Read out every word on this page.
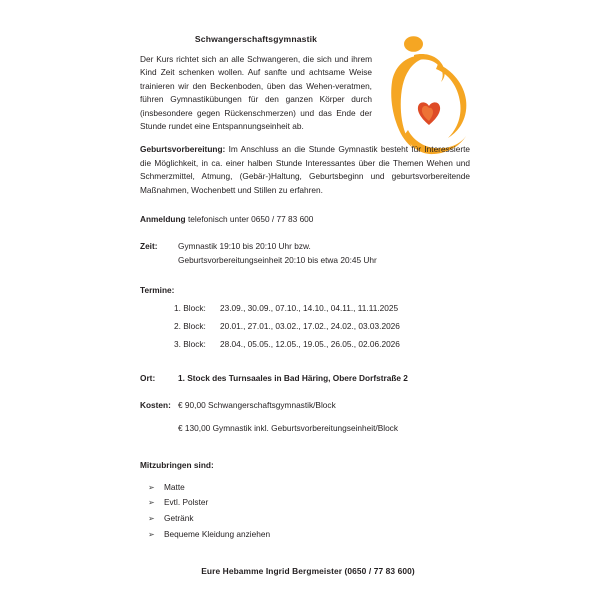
Schwangerschaftsgymnastik

Der Kurs richtet sich an alle Schwangeren, die sich und ihrem Kind Zeit schenken wollen. Auf sanfte und achtsame Weise trainieren wir den Beckenboden, üben das Wehen-veratmen, führen Gymnastikübungen für den ganzen Körper durch (insbesondere gegen Rückenschmerzen) und das Ende der Stunde rundet eine Entspannungseinheit ab.

Geburtsvorbereitung: Im Anschluss an die Stunde Gymnastik besteht für Interessierte die Möglichkeit, in ca. einer halben Stunde Interessantes über die Themen Wehen und Schmerzmittel, Atmung, (Gebär-)Haltung, Geburtsbeginn und geburtsvorbereitende Maßnahmen, Wochenbett und Stillen zu erfahren.

Anmeldung telefonisch unter 0650 / 77 83 600

Zeit:	Gymnastik 19:10 bis 20:10 Uhr bzw.
Geburtsvorbereitungseinheit 20:10 bis etwa 20:45 Uhr

Termine:

1. Block:	23.09., 30.09., 07.10., 14.10., 04.11., 11.11.2025
2. Block:	20.01., 27.01., 03.02., 17.02., 24.02., 03.03.2026
3. Block:	28.04., 05.05., 12.05., 19.05., 26.05., 02.06.2026
Ort:	1. Stock des Turnsaales in Bad Häring, Obere Dorfstraße 2
Kosten: € 90,00 Schwangerschaftsgymnastik/Block
€ 130,00 Gymnastik inkl. Geburtsvorbereitungseinheit/Block

Mitzubringen sind:

➢	Matte
➢	Evtl. Polster
➢	Getränk
➢	Bequeme Kleidung anziehen

Eure Hebamme Ingrid Bergmeister (0650 / 77 83 600)
